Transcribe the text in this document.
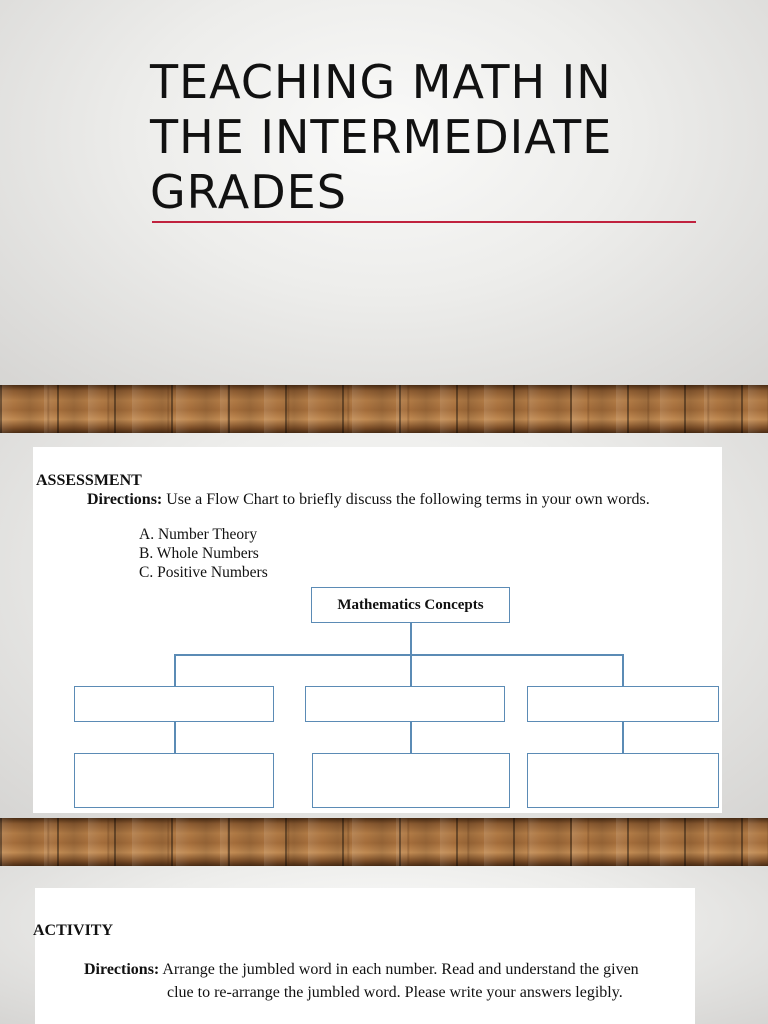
TEACHING MATH IN THE INTERMEDIATE GRADES

ASSESSMENT

Directions: Use a Flow Chart to briefly discuss the following terms in your own words.

A. Number Theory

B. Whole Numbers

C. Positive Numbers

Mathematics Concepts

ACTIVITY

Directions: Arrange the jumbled word in each number. Read and understand the given

clue to re-arrange the jumbled word. Please write your answers legibly.
